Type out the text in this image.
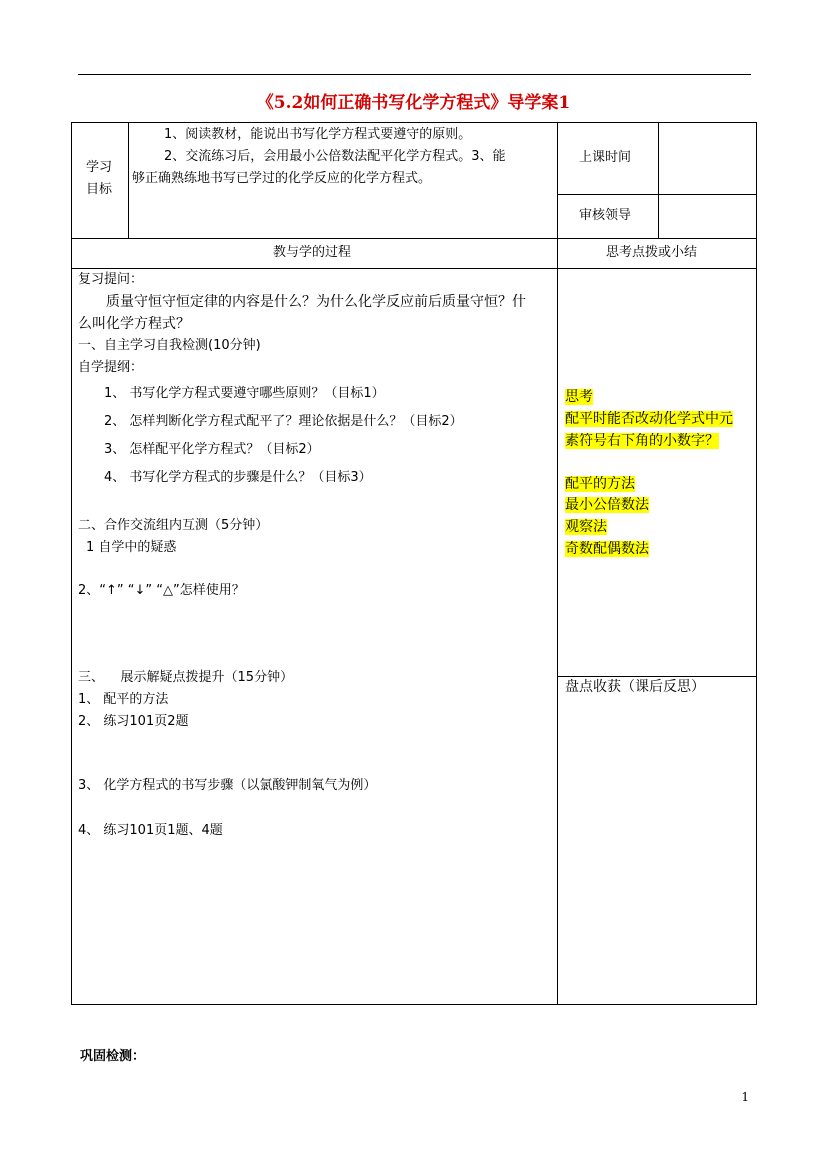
《5.2如何正确书写化学方程式》导学案1
学习
目标
1、阅读教材，能说出书写化学方程式要遵守的原则。
2、交流练习后，会用最小公倍数法配平化学方程式。3、能
够正确熟练地书写已学过的化学反应的化学方程式。
上课时间
审核领导
教与学的过程	思考点拨或小结
复习提问：
质量守恒守恒定律的内容是什么？为什么化学反应前后质量守恒？什
么叫化学方程式？
一、自主学习自我检测(10分钟)
自学提纲：
1、 书写化学方程式要遵守哪些原则？（目标1）
2、 怎样判断化学方程式配平了？理论依据是什么？（目标2）
3、 怎样配平化学方程式？（目标2）
4、 书写化学方程式的步骤是什么？（目标3）
二、合作交流组内互测（5分钟）
1 自学中的疑惑
2、“↑” “↓” “△”怎样使用？
三、    展示解疑点拨提升（15分钟）
1、 配平的方法
2、 练习101页2题
3、 化学方程式的书写步骤（以氯酸钾制氧气为例）
4、 练习101页1题、4题
思考
配平时能否改动化学式中元
素符号右下角的小数字？
配平的方法
最小公倍数法
观察法
奇数配偶数法
盘点收获（课后反思）
巩固检测：
1
